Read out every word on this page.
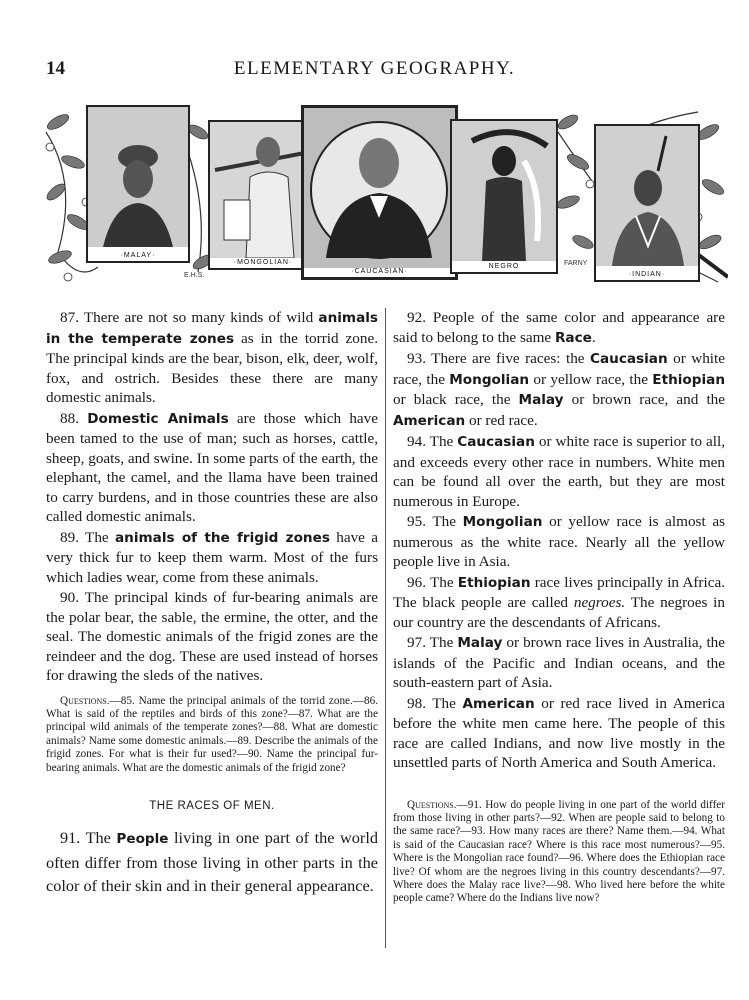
14	ELEMENTARY GEOGRAPHY.
·MALAY·
·MONGOLIAN·
·CAUCASIAN·
NEGRO
·INDIAN·
E.H.S.
FARNY

87. There are not so many kinds of wild animals in the temperate zones as in the torrid zone. The principal kinds are the bear, bison, elk, deer, wolf, fox, and ostrich. Besides these there are many domestic animals.

88. Domestic Animals are those which have been tamed to the use of man; such as horses, cattle, sheep, goats, and swine. In some parts of the earth, the elephant, the camel, and the llama have been trained to carry burdens, and in those countries these are also called domestic animals.

89. The animals of the frigid zones have a very thick fur to keep them warm. Most of the furs which ladies wear, come from these animals.

90. The principal kinds of fur-bearing animals are the polar bear, the sable, the ermine, the otter, and the seal. The domestic animals of the frigid zones are the reindeer and the dog. These are used instead of horses for drawing the sleds of the natives.

Questions.—85. Name the principal animals of the torrid zone.—86. What is said of the reptiles and birds of this zone?—87. What are the principal wild animals of the temperate zones?—88. What are domestic animals? Name some domestic animals.—89. Describe the animals of the frigid zones. For what is their fur used?—90. Name the principal fur-bearing animals. What are the domestic animals of the frigid zone?

THE RACES OF MEN.

91. The People living in one part of the world often differ from those living in other parts in the color of their skin and in their general appearance.

92. People of the same color and appearance are said to belong to the same Race.

93. There are five races: the Caucasian or white race, the Mongolian or yellow race, the Ethiopian or black race, the Malay or brown race, and the American or red race.

94. The Caucasian or white race is superior to all, and exceeds every other race in numbers. White men can be found all over the earth, but they are most numerous in Europe.

95. The Mongolian or yellow race is almost as numerous as the white race. Nearly all the yellow people live in Asia.

96. The Ethiopian race lives principally in Africa. The black people are called negroes. The negroes in our country are the descendants of Africans.

97. The Malay or brown race lives in Australia, the islands of the Pacific and Indian oceans, and the south-eastern part of Asia.

98. The American or red race lived in America before the white men came here. The people of this race are called Indians, and now live mostly in the unsettled parts of North America and South America.

Questions.—91. How do people living in one part of the world differ from those living in other parts?—92. When are people said to belong to the same race?—93. How many races are there? Name them.—94. What is said of the Caucasian race? Where is this race most numerous?—95. Where is the Mongolian race found?—96. Where does the Ethiopian race live? Of whom are the negroes living in this country descendants?—97. Where does the Malay race live?—98. Who lived here before the white people came? Where do the Indians live now?
